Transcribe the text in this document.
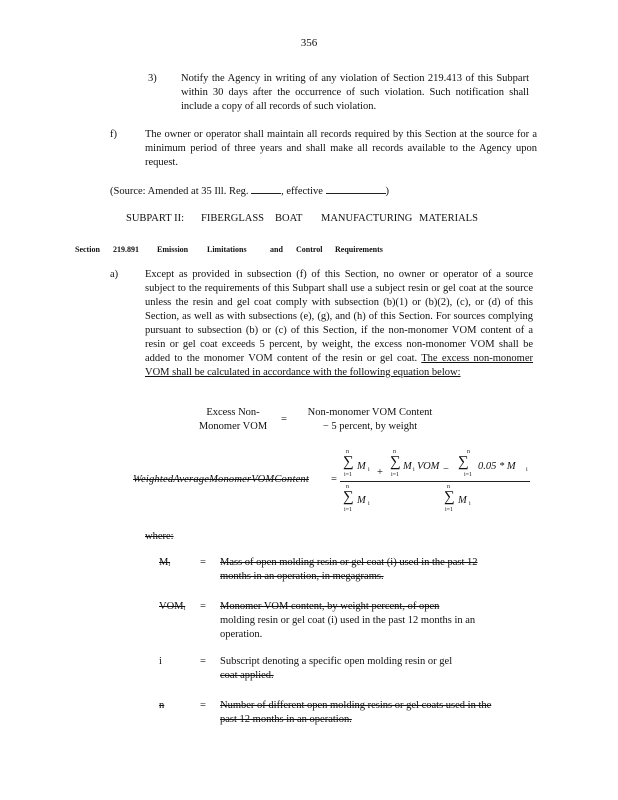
356
3) Notify the Agency in writing of any violation of Section 219.413 of this Subpart within 30 days after the occurrence of such violation. Such notification shall include a copy of all records of such violation.
f)	The owner or operator shall maintain all records required by this Section at the source for a minimum period of three years and shall make all records available to the Agency upon request.
(Source: Amended at 35 Ill. Reg.	, effective	)
SUBPART II: FIBERGLASS BOAT MANUFACTURING MATERIALS
Section 219.891 Emission Limitations	and Control Requirements
a)	Except as provided in subsection (f) of this Section, no owner or operator of a source subject to the requirements of this Subpart shall use a subject resin or gel coat at the source unless the resin and gel coat comply with subsection (b)(1) or (b)(2), (c), or (d) of this Section, as well as with subsections (e), (g), and (h) of this Section. For sources complying pursuant to subsection (b) or (c) of this Section, if the non-monomer VOM content of a resin or gel coat exceeds 5 percent, by weight, the excess non-monomer VOM shall be added to the monomer VOM content of the resin or gel coat. The excess non-monomer VOM shall be calculated in accordance with the following equation below:
Excess Non-
Monomer VOM
=
Non-monomer VOM Content
− 5 percent, by weight
WeightedAverageMonomerVOMContent =
n
∑
i=1
M i +
n
∑
i=1
M i VOM −
n
∑
i=1
0.05 * M i
n
∑
i=1
M i
n
∑
i=1
M i
where:
Mᵢ	= Mass of open molding resin or gel coat (i) used in the past 12 months in an operation, in megagrams.
VOMᵢ = Monomer VOM content, by weight percent, of open
molding resin or gel coat (i) used in the past 12 months in an operation.
i	= Subscript denoting a specific open molding resin or gel
coat applied.
n	= Number of different open molding resins or gel coats used in the past 12 months in an operation.
